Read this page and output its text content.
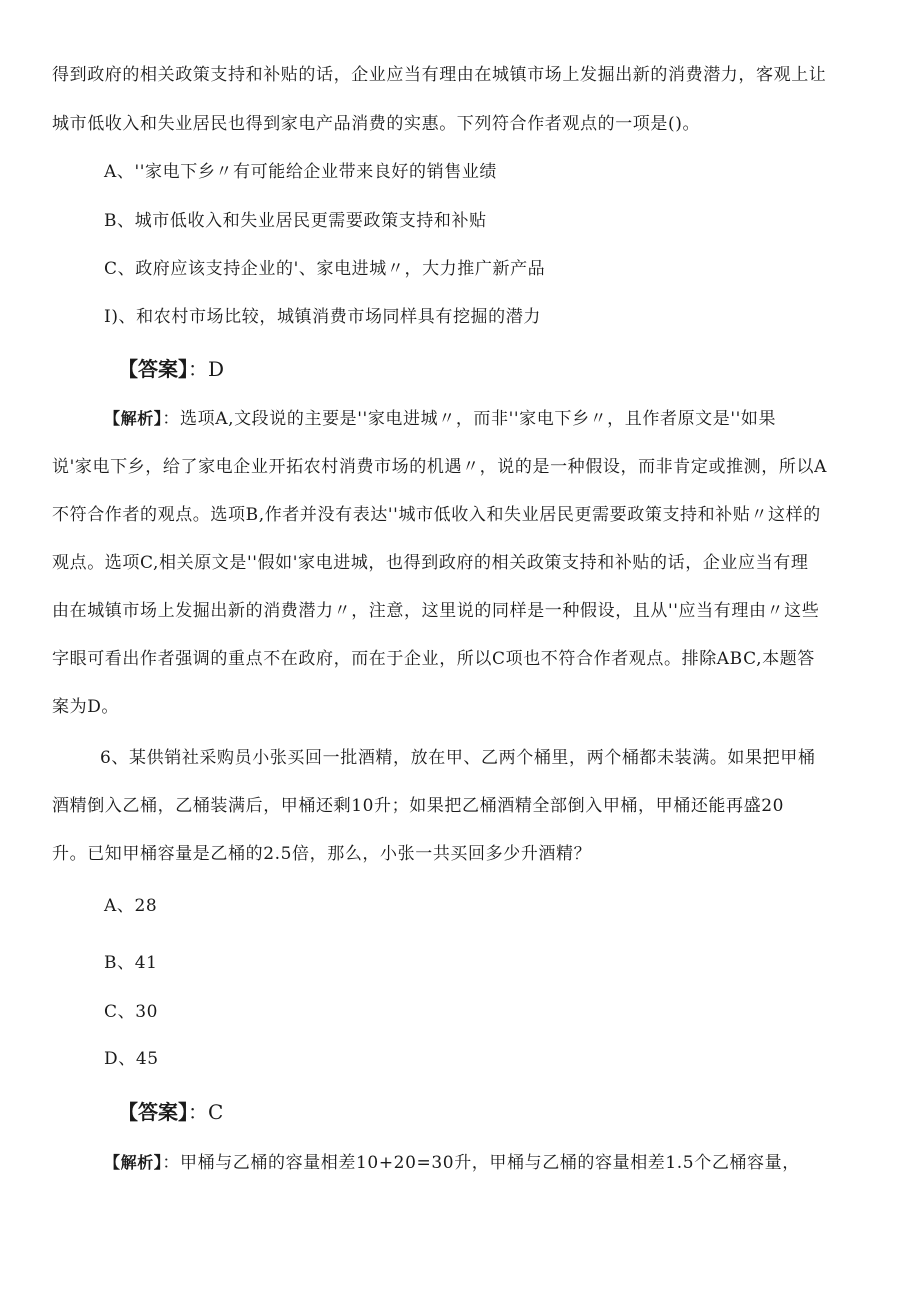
得到政府的相关政策支持和补贴的话，企业应当有理由在城镇市场上发掘出新的消费潜力，客观上让
城市低收入和失业居民也得到家电产品消费的实惠。下列符合作者观点的一项是()。
A、''家电下乡〃有可能给企业带来良好的销售业绩
B、城市低收入和失业居民更需要政策支持和补贴
C、政府应该支持企业的'、家电进城〃，大力推广新产品
I)、和农村市场比较，城镇消费市场同样具有挖掘的潜力
【答案】：D
【解析】：选项A,文段说的主要是''家电进城〃，而非''家电下乡〃，且作者原文是''如果
说'家电下乡，给了家电企业开拓农村消费市场的机遇〃，说的是一种假设，而非肯定或推测，所以A
不符合作者的观点。选项B,作者并没有表达''城市低收入和失业居民更需要政策支持和补贴〃这样的
观点。选项C,相关原文是''假如'家电进城，也得到政府的相关政策支持和补贴的话，企业应当有理
由在城镇市场上发掘出新的消费潜力〃，注意，这里说的同样是一种假设，且从''应当有理由〃这些
字眼可看出作者强调的重点不在政府，而在于企业，所以C项也不符合作者观点。排除ABC,本题答
案为D。
6、某供销社采购员小张买回一批酒精，放在甲、乙两个桶里，两个桶都未装满。如果把甲桶
酒精倒入乙桶，乙桶装满后，甲桶还剩10升；如果把乙桶酒精全部倒入甲桶，甲桶还能再盛20
升。已知甲桶容量是乙桶的2.5倍，那么，小张一共买回多少升酒精？
A、28
B、41
C、30
D、45
【答案】：C
【解析】：甲桶与乙桶的容量相差10+20=30升，甲桶与乙桶的容量相差1.5个乙桶容量，
